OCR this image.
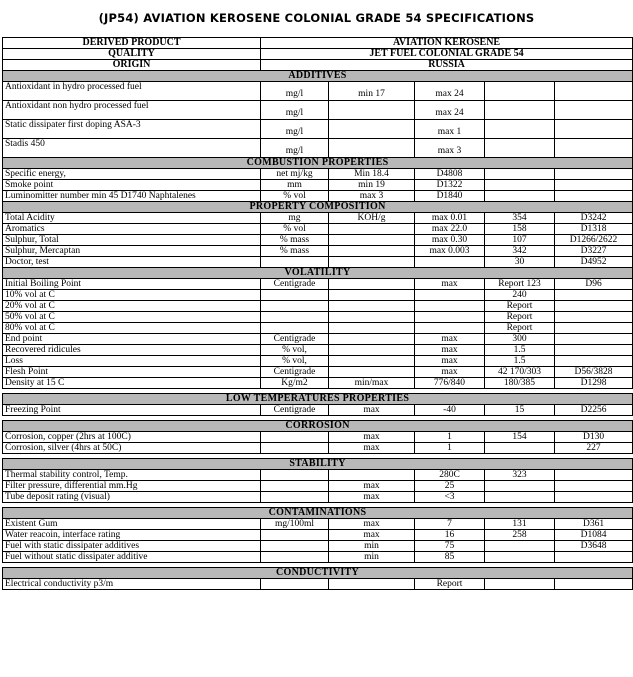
(JP54) AVIATION KEROSENE COLONIAL GRADE 54 SPECIFICATIONS
DERIVED PRODUCT	AVIATION KEROSENE				
QUALITY	JET FUEL COLONIAL GRADE 54				
ORIGIN	RUSSIA				
ADDITIVES					
Antioxidant in hydro processed fuel	mg/l	min 17	max 24		
Antioxidant non hydro processed fuel	mg/l		max 24		
Static dissipater first doping ASA-3	mg/l		max 1		
Stadis 450	mg/l		max 3		
COMBUSTION PROPERTIES					
Specific energy,	net mj/kg	Min 18.4	D4808		
Smoke point	mm	min 19	D1322		
Luminomitter number min 45 D1740 Naphtalenes	% vol	max 3	D1840		
PROPERTY COMPOSITION					
Total Acidity	mg	KOH/g	max 0.01	354	D3242
Aromatics	% vol		max 22.0	158	D1318
Sulphur, Total	% mass		max 0.30	107	D1266/2622
Sulphur, Mercaptan	% mass		max 0.003	342	D3227
Doctor, test				30	D4952
VOLATILITY					
Initial Boiling Point	Centigrade		max	Report 123	D96
10% vol at C				240	
20% vol at C				Report	
50% vol at C				Report	
80% vol at C				Report	
End point	Centigrade		max	300	
Recovered ridicules	% vol,		max	1.5	
Loss	% vol,		max	1.5	
Flesh Point	Centigrade		max	42 170/303	D56/3828
Density at 15 C	Kg/m2	min/max	776/840	180/385	D1298

LOW TEMPERATURES PROPERTIES					
Freezing Point	Centigrade	max	-40	15	D2256

CORROSION					
Corrosion, copper (2hrs at 100C)		max	1	154	D130
Corrosion, silver (4hrs at 50C)		max	1		227

STABILITY					
Thermal stability control, Temp.			280C	323	
Filter pressure, differential mm.Hg		max	25		
Tube deposit rating (visual)		max	<3		

CONTAMINATIONS					
Existent Gum	mg/100ml	max	7	131	D361
Water reacoin, interface rating		max	16	258	D1084
Fuel with static dissipater additives		min	75		D3648
Fuel without static dissipater additive		min	85		

CONDUCTIVITY					
Electrical conductivity p3/m			Report		
